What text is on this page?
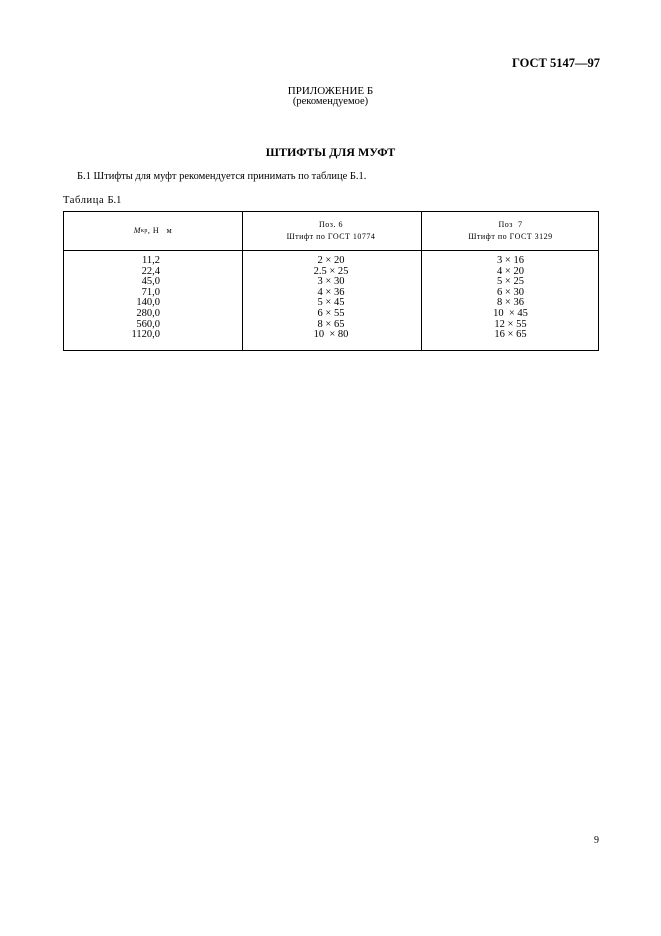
ГОСТ 5147—97
ПРИЛОЖЕНИЕ Б
(рекомендуемое)
ШТИФТЫ ДЛЯ МУФТ
Б.1 Штифты для муфт рекомендуется принимать по таблице Б.1.
Таблица Б.1
M кр , Н   м
11,2
22,4
45,0
71,0
140,0
280,0
560,0
1120,0
Поз. 6
Штифт по ГОСТ 10774
2 × 20
2.5 × 25
3 × 30
4 × 36
5 × 45
6 × 55
8 × 65
10  × 80
Поз  7
Штифт по ГОСТ 3129
3 × 16
4 × 20
5 × 25
6 × 30
8 × 36
10  × 45
12 × 55
16 × 65
9
